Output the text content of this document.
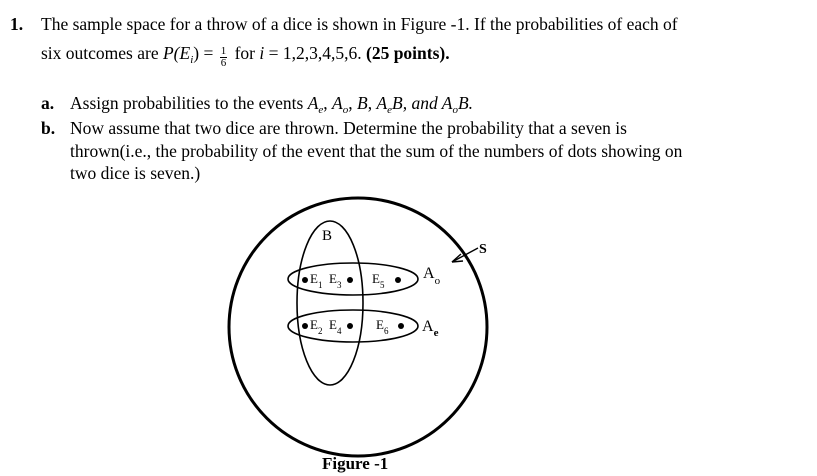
1. The sample space for a throw of a dice is shown in Figure -1. If the probabilities of each of
six outcomes are $P(E_i) = \frac{1}{6}$ for i = 1,2,3,4,5,6. (25 points).
a. Assign probabilities to the events $A_e$, $A_o$, B, $A_eB$, and $A_oB$.
b. Now assume that two dice are thrown. Determine the probability that a seven is
thrown(i.e., the probability of the event that the sum of the numbers of dots showing on
two dice is seven.)
B
S
$A_o$
$A_e$
$E_1$ $E_3$ $E_5$
$E_2$ $E_4$	$E_6$
Figure -1
